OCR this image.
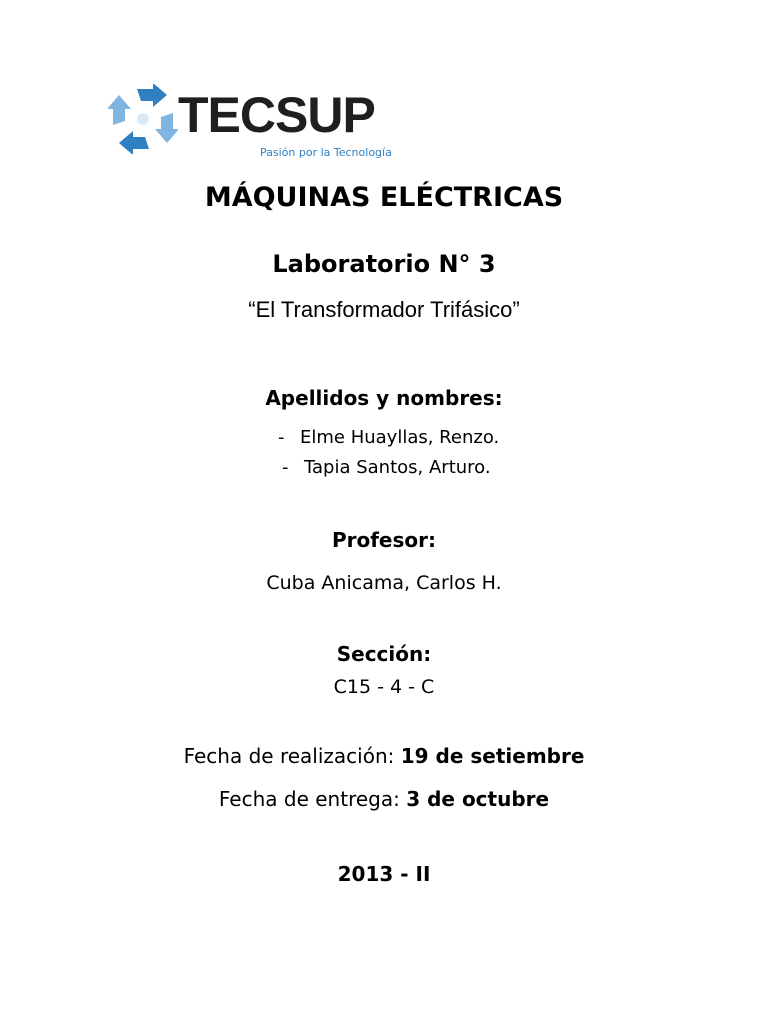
TECSUP
Pasión por la Tecnología
MÁQUINAS ELÉCTRICAS
Laboratorio N° 3
“El Transformador Trifásico”
Apellidos y nombres:
- Elme Huayllas, Renzo.
- Tapia Santos, Arturo.
Profesor:
Cuba Anicama, Carlos H.
Sección:
C15 - 4 - C
Fecha de realización: 19 de setiembre
Fecha de entrega: 3 de octubre
2013 - II
